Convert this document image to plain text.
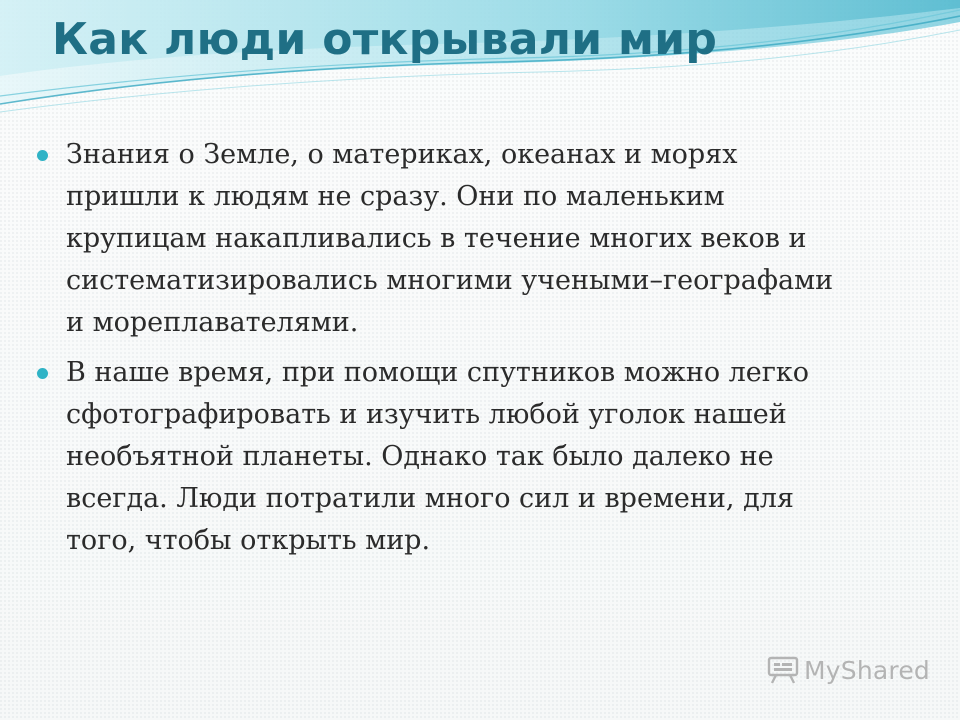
Как люди открывали мир
Знания о Земле, о материках, океанах и морях пришли к людям не сразу. Они по маленьким крупицам накапливались в течение многих веков и систематизировались многими учеными–географами и мореплавателями.
В наше время, при помощи спутников можно легко сфотографировать и изучить любой уголок нашей необъятной планеты. Однако так было далеко не всегда. Люди потратили много сил и времени, для того, чтобы открыть мир.
MyShared
